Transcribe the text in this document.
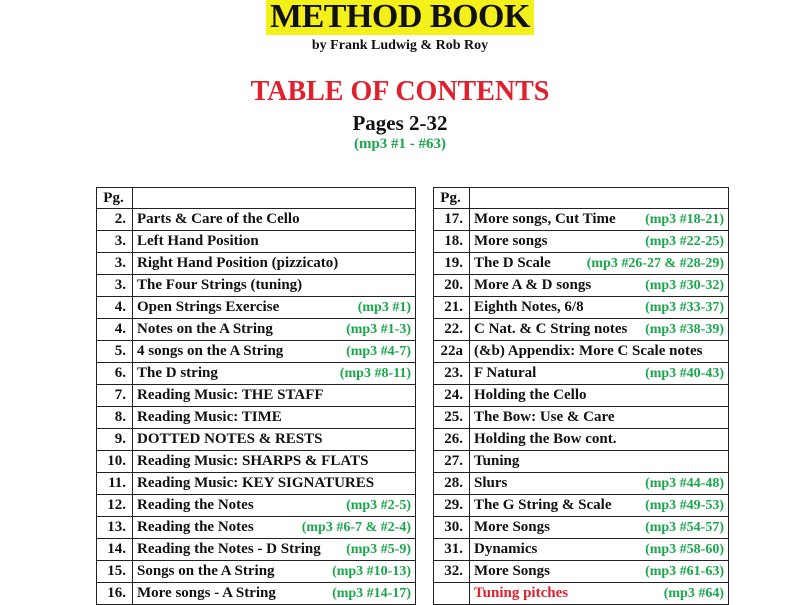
METHOD BOOK
by Frank Ludwig & Rob Roy
TABLE OF CONTENTS
Pages 2-32
(mp3 #1 - #63)
Pg.	
2.	Parts & Care of the Cello

3.	Left Hand Position

3.	Right Hand Position (pizzicato)

3.	The Four Strings (tuning)

4.	Open Strings Exercise (mp3 #1)

4.	Notes on the A String (mp3 #1-3)

5.	4 songs on the A String (mp3 #4-7)

6.	The D string (mp3 #8-11)

7.	Reading Music: THE STAFF

8.	Reading Music: TIME

9.	DOTTED NOTES & RESTS

10.	Reading Music: SHARPS & FLATS

11.	Reading Music: KEY SIGNATURES

12.	Reading the Notes (mp3 #2-5)

13.	Reading the Notes (mp3 #6-7 & #2-4)

14.	Reading the Notes - D String (mp3 #5-9)

15.	Songs on the A String (mp3 #10-13)

16.	More songs - A String (mp3 #14-17)
Pg.	
17.	More songs, Cut Time (mp3 #18-21)

18.	More songs (mp3 #22-25)

19.	The D Scale (mp3 #26-27 & #28-29)

20.	More A & D songs (mp3 #30-32)

21.	Eighth Notes, 6/8 (mp3 #33-37)

22.	C Nat. & C String notes (mp3 #38-39)

22a	(&b) Appendix: More C Scale notes

23.	F Natural (mp3 #40-43)

24.	Holding the Cello

25.	The Bow: Use & Care

26.	Holding the Bow cont.

27.	Tuning

28.	Slurs (mp3 #44-48)

29.	The G String & Scale (mp3 #49-53)

30.	More Songs (mp3 #54-57)

31.	Dynamics (mp3 #58-60)

32.	More Songs (mp3 #61-63)

	Tuning pitches (mp3 #64)
